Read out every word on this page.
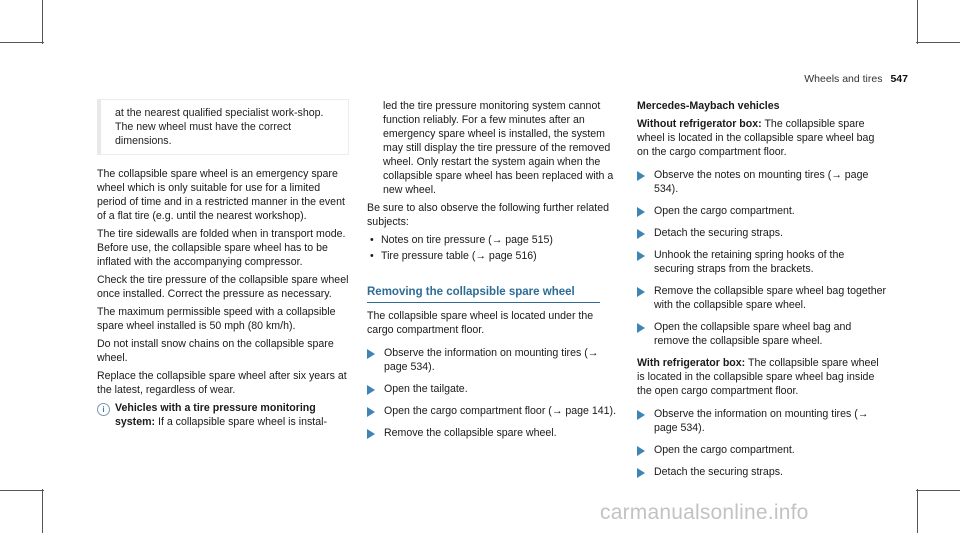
Wheels and tires 547
at the nearest qualified specialist work-shop. The new wheel must have the correct dimensions.

The collapsible spare wheel is an emergency spare wheel which is only suitable for use for a limited period of time and in a restricted manner in the event of a flat tire (e.g. until the nearest workshop).

The tire sidewalls are folded when in transport mode. Before use, the collapsible spare wheel has to be inflated with the accompanying compressor.

Check the tire pressure of the collapsible spare wheel once installed. Correct the pressure as necessary.

The maximum permissible speed with a collapsible spare wheel installed is 50 mph (80 km/h).

Do not install snow chains on the collapsible spare wheel.

Replace the collapsible spare wheel after six years at the latest, regardless of wear.

i Vehicles with a tire pressure monitoring system: If a collapsible spare wheel is instal-

led the tire pressure monitoring system cannot function reliably. For a few minutes after an emergency spare wheel is installed, the system may still display the tire pressure of the removed wheel. Only restart the system again when the collapsible spare wheel has been replaced with a new wheel.

Be sure to also observe the following further related subjects:

• Notes on tire pressure (→ page 515)
• Tire pressure table (→ page 516)
Removing the collapsible spare wheel

The collapsible spare wheel is located under the cargo compartment floor.

Observe the information on mounting tires (→ page 534).
Open the tailgate.
Open the cargo compartment floor (→ page 141).
Remove the collapsible spare wheel.

Mercedes-Maybach vehicles

Without refrigerator box: The collapsible spare wheel is located in the collapsible spare wheel bag on the cargo compartment floor.

Observe the notes on mounting tires (→ page 534).
Open the cargo compartment.
Detach the securing straps.
Unhook the retaining spring hooks of the securing straps from the brackets.
Remove the collapsible spare wheel bag together with the collapsible spare wheel.
Open the collapsible spare wheel bag and remove the collapsible spare wheel.

With refrigerator box: The collapsible spare wheel is located in the collapsible spare wheel bag inside the open cargo compartment floor.

Observe the information on mounting tires (→ page 534).
Open the cargo compartment.
Detach the securing straps.
carmanualsonline.info
